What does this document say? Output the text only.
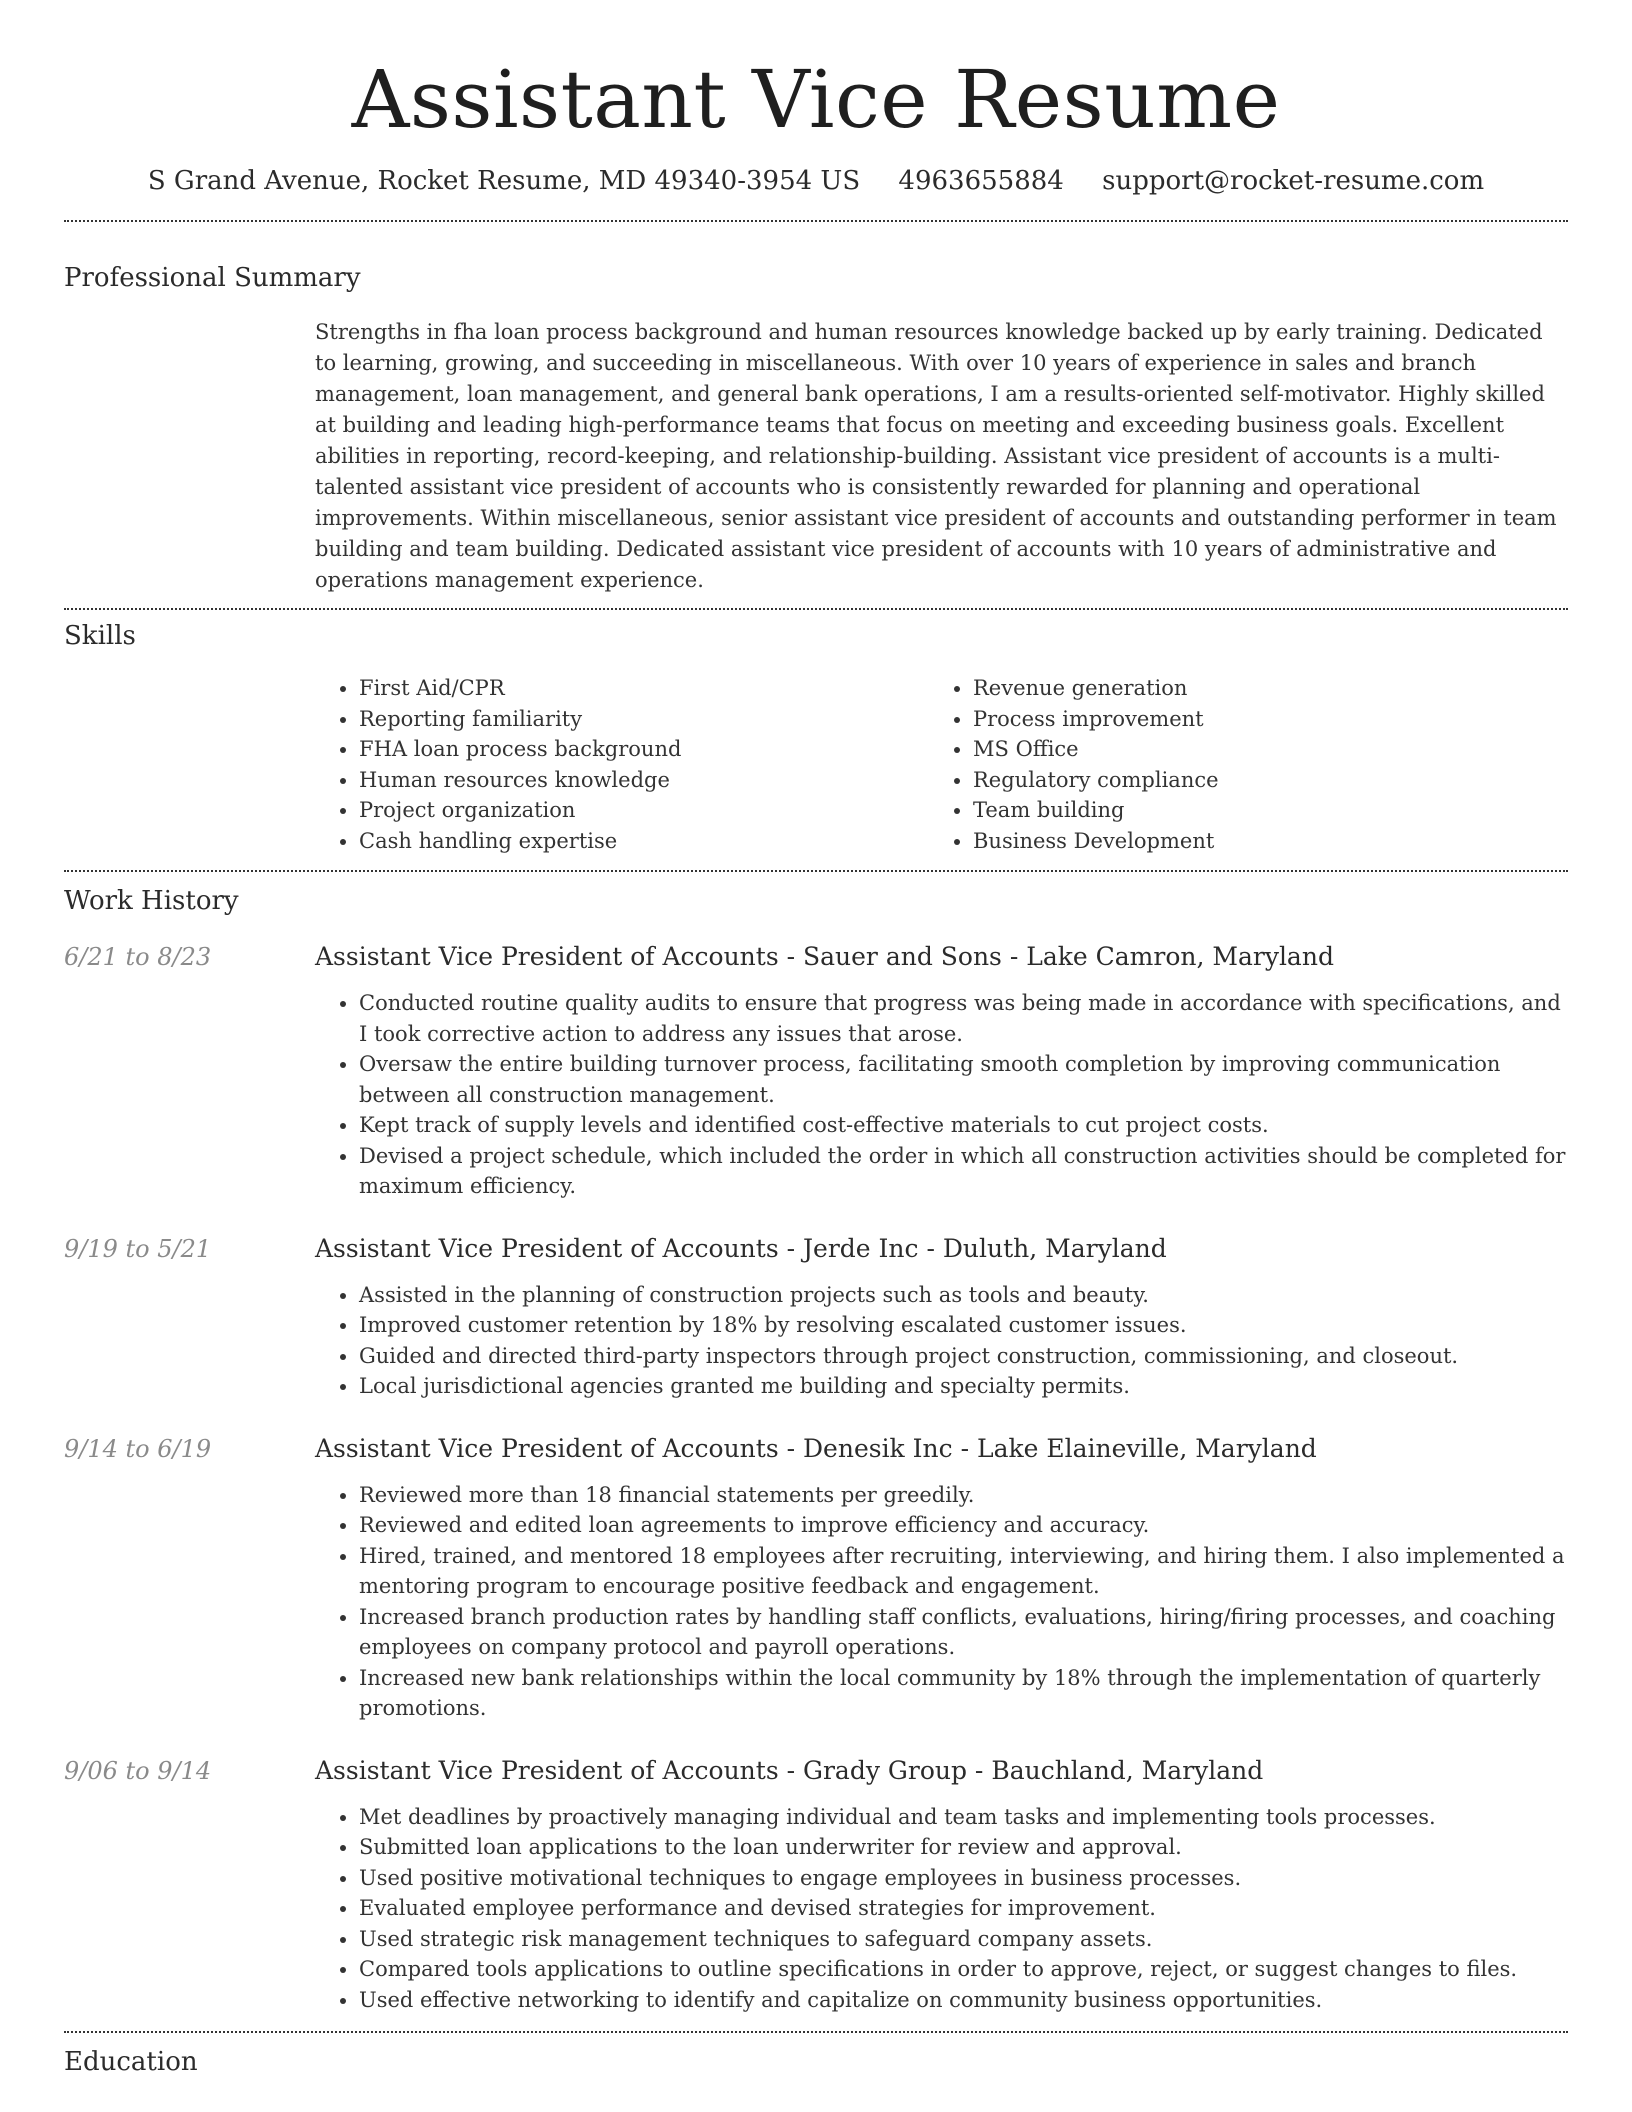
Assistant Vice Resume
S Grand Avenue, Rocket Resume, MD 49340-3954 US 4963655884 support@rocket-resume.com
Professional Summary

Strengths in fha loan process background and human resources knowledge backed up by early training. Dedicated to learning, growing, and succeeding in miscellaneous. With over 10 years of experience in sales and branch management, loan management, and general bank operations, I am a results-oriented self-motivator. Highly skilled at building and leading high-performance teams that focus on meeting and exceeding business goals. Excellent abilities in reporting, record-keeping, and relationship-building. Assistant vice president of accounts is a multi-talented assistant vice president of accounts who is consistently rewarded for planning and operational improvements. Within miscellaneous, senior assistant vice president of accounts and outstanding performer in team building and team building. Dedicated assistant vice president of accounts with 10 years of administrative and operations management experience.

Skills
• First Aid/CPR
• Reporting familiarity
• FHA loan process background
• Human resources knowledge
• Project organization
• Cash handling expertise
• Revenue generation
• Process improvement
• MS Office
• Regulatory compliance
• Team building
• Business Development
Work History
6/21 to 8/23	Assistant Vice President of Accounts - Sauer and Sons - Lake Camron, Maryland
• Conducted routine quality audits to ensure that progress was being made in accordance with specifications, and I took corrective action to address any issues that arose.
• Oversaw the entire building turnover process, facilitating smooth completion by improving communication between all construction management.
• Kept track of supply levels and identified cost-effective materials to cut project costs.
• Devised a project schedule, which included the order in which all construction activities should be completed for maximum efficiency.
9/19 to 5/21	Assistant Vice President of Accounts - Jerde Inc - Duluth, Maryland
• Assisted in the planning of construction projects such as tools and beauty.
• Improved customer retention by 18% by resolving escalated customer issues.
• Guided and directed third-party inspectors through project construction, commissioning, and closeout.
• Local jurisdictional agencies granted me building and specialty permits.
9/14 to 6/19	Assistant Vice President of Accounts - Denesik Inc - Lake Elaineville, Maryland
• Reviewed more than 18 financial statements per greedily.
• Reviewed and edited loan agreements to improve efficiency and accuracy.
• Hired, trained, and mentored 18 employees after recruiting, interviewing, and hiring them. I also implemented a mentoring program to encourage positive feedback and engagement.
• Increased branch production rates by handling staff conflicts, evaluations, hiring/firing processes, and coaching employees on company protocol and payroll operations.
• Increased new bank relationships within the local community by 18% through the implementation of quarterly promotions.
9/06 to 9/14	Assistant Vice President of Accounts - Grady Group - Bauchland, Maryland
• Met deadlines by proactively managing individual and team tasks and implementing tools processes.
• Submitted loan applications to the loan underwriter for review and approval.
• Used positive motivational techniques to engage employees in business processes.
• Evaluated employee performance and devised strategies for improvement.
• Used strategic risk management techniques to safeguard company assets.
• Compared tools applications to outline specifications in order to approve, reject, or suggest changes to files.
• Used effective networking to identify and capitalize on community business opportunities.
Education
